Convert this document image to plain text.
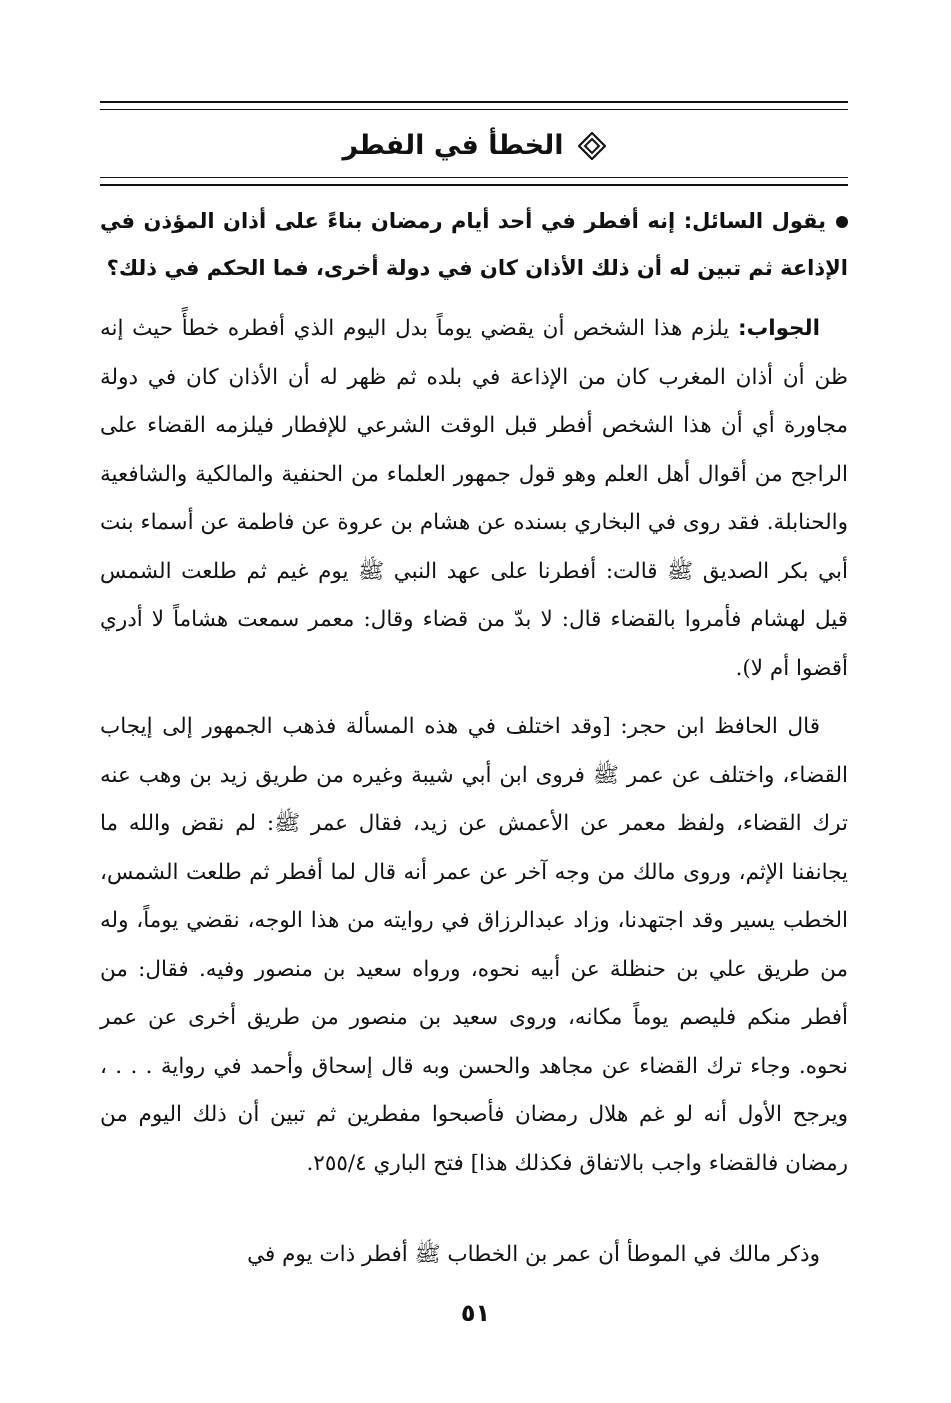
الخطأ في الفطر
يقول السائل: إنه أفطر في أحد أيام رمضان بناءً على أذان المؤذن في الإذاعة ثم تبين له أن ذلك الأذان كان في دولة أخرى، فما الحكم في ذلك؟
الجواب: يلزم هذا الشخص أن يقضي يوماً بدل اليوم الذي أفطره خطأً حيث إنه ظن أن أذان المغرب كان من الإذاعة في بلده ثم ظهر له أن الأذان كان في دولة مجاورة أي أن هذا الشخص أفطر قبل الوقت الشرعي للإفطار فيلزمه القضاء على الراجح من أقوال أهل العلم وهو قول جمهور العلماء من الحنفية والمالكية والشافعية والحنابلة. فقد روى في البخاري بسنده عن هشام بن عروة عن فاطمة عن أسماء بنت أبي بكر الصديق ﷺ قالت: أفطرنا على عهد النبي ﷺ يوم غيم ثم طلعت الشمس قيل لهشام فأمروا بالقضاء قال: لا بدّ من قضاء وقال: معمر سمعت هشاماً لا أدري أقضوا أم لا).
قال الحافظ ابن حجر: [وقد اختلف في هذه المسألة فذهب الجمهور إلى إيجاب القضاء، واختلف عن عمر ﷺ فروى ابن أبي شيبة وغيره من طريق زيد بن وهب عنه ترك القضاء، ولفظ معمر عن الأعمش عن زيد، فقال عمر ﷺ: لم نقض والله ما يجانفنا الإثم، وروى مالك من وجه آخر عن عمر أنه قال لما أفطر ثم طلعت الشمس، الخطب يسير وقد اجتهدنا، وزاد عبدالرزاق في روايته من هذا الوجه، نقضي يوماً، وله من طريق علي بن حنظلة عن أبيه نحوه، ورواه سعيد بن منصور وفيه. فقال: من أفطر منكم فليصم يوماً مكانه، وروى سعيد بن منصور من طريق أخرى عن عمر نحوه. وجاء ترك القضاء عن مجاهد والحسن وبه قال إسحاق وأحمد في رواية . . . ، ويرجح الأول أنه لو غم هلال رمضان فأصبحوا مفطرين ثم تبين أن ذلك اليوم من رمضان فالقضاء واجب بالاتفاق فكذلك هذا] فتح الباري ٢٥٥/٤.
وذكر مالك في الموطأ أن عمر بن الخطاب ﷺ أفطر ذات يوم في
٥١
